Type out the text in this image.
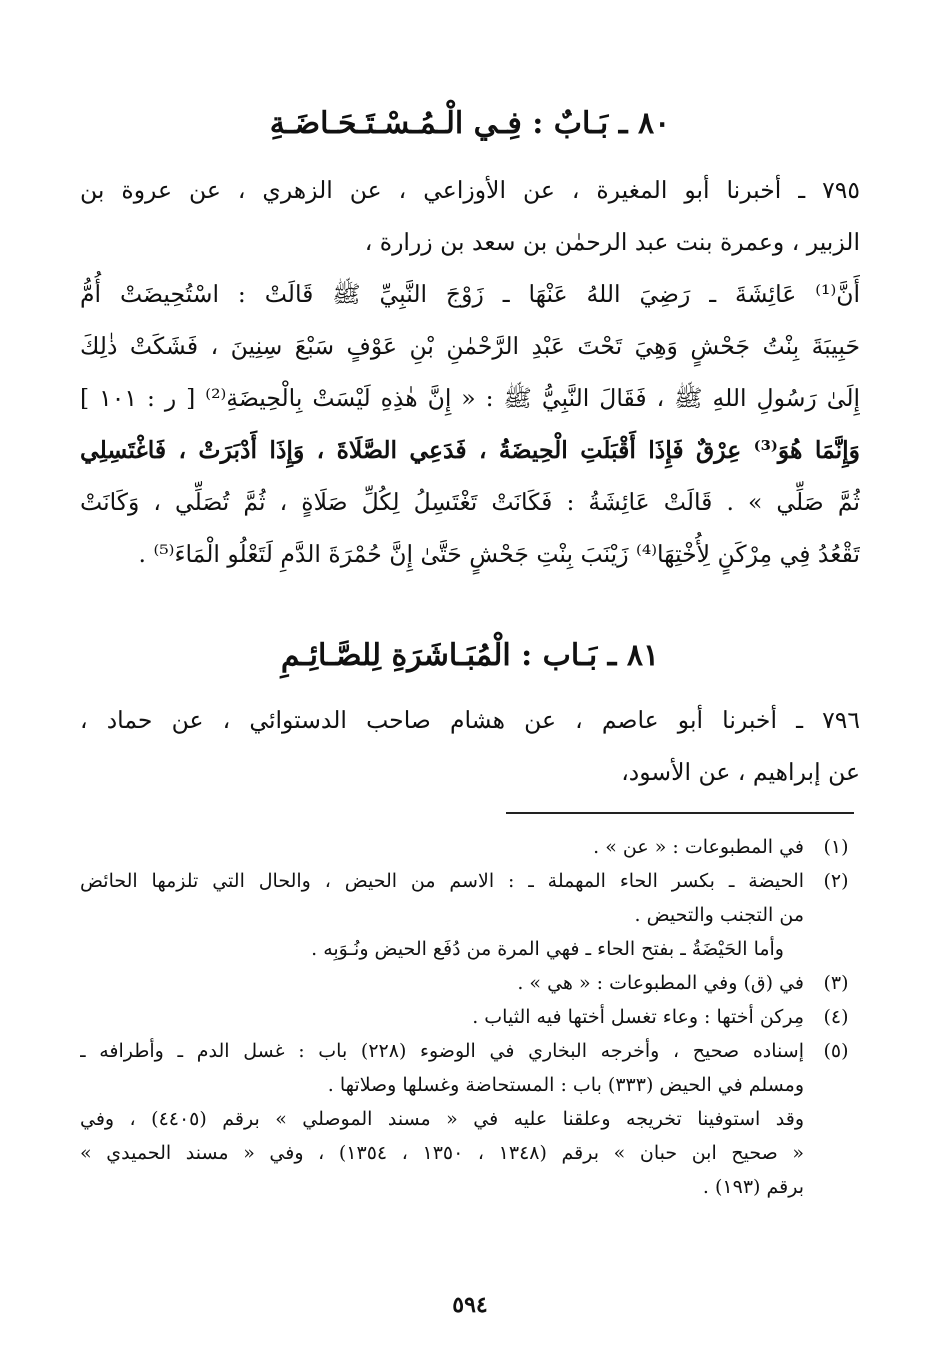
٨٠ ـ بَـابٌ : فِـي الْـمُـسْـتَـحَـاضَـةِ
٧٩٥ ـ أخبرنا أبو المغيرة ، عن الأوزاعي ، عن الزهري ، عن عروة بن
الزبير ، وعمرة بنت عبد الرحمٰن بن سعد بن زرارة ،
أَنَّ⁽¹⁾ عَائِشَةَ ـ رَضِيَ اللهُ عَنْهَا ـ زَوْجَ النَّبِيِّ ﷺ قَالَتْ : اسْتُحِيضَتْ أُمُّ
حَبِيبَةَ بِنْتُ جَحْشٍ وَهِيَ تَحْتَ عَبْدِ الرَّحْمٰنِ بْنِ عَوْفٍ سَبْعَ سِنِينَ ، فَشَكَتْ ذٰلِكَ
إِلَىٰ رَسُولِ اللهِ ﷺ ، فَقَالَ النَّبِيُّ ﷺ : « إِنَّ هٰذِهِ لَيْسَتْ بِالْحِيضَةِ⁽²⁾ [ ر : ١٠١ ]
وَإِنَّمَا هُوَ⁽³⁾ عِرْقٌ فَإِذَا أَقْبَلَتِ الْحِيضَةُ ، فَدَعِي الصَّلَاةَ ، وَإِذَا أَدْبَرَتْ ، فَاغْتَسِلِي
ثُمَّ صَلِّي » . قَالَتْ عَائِشَةُ : فَكَانَتْ تَغْتَسِلُ لِكُلِّ صَلَاةٍ ، ثُمَّ تُصَلِّي ، وَكَانَتْ
تَقْعُدُ فِي مِرْكَنٍ لِأُخْتِهَا⁽⁴⁾ زَيْنَبَ بِنْتِ جَحْشٍ حَتَّىٰ إِنَّ حُمْرَةَ الدَّمِ لَتَعْلُو الْمَاءَ⁽⁵⁾ .
٨١ ـ بَـاب : الْمُبَـاشَرَةِ لِلصَّـائِـمِ
٧٩٦ ـ أخبرنا أبو عاصم ، عن هشام صاحب الدستوائي ، عن حماد ،
عن إبراهيم ، عن الأسود،
(١)
في المطبوعات : « عن » .
(٢)
الحيضة ـ بكسر الحاء المهملة ـ : الاسم من الحيض ، والحال التي تلزمها الحائض
من التجنب والتحيض .
وأما الحَيْضَةُ ـ بفتح الحاء ـ فهي المرة من دُفَع الحيض ونُـوَبِه .
(٣)
في (ق) وفي المطبوعات : « هي » .
(٤)
مِركن أختها : وعاء تغسل أختها فيه الثياب .
(٥)
إسناده صحيح ، وأخرجه البخاري في الوضوء (٢٢٨) باب : غسل الدم ـ وأطرافه ـ
ومسلم في الحيض (٣٣٣) باب : المستحاضة وغسلها وصلاتها .
وقد استوفينا تخريجه وعلقنا عليه في « مسند الموصلي » برقم (٤٤٠٥) ، وفي
« صحيح ابن حبان » برقم (١٣٤٨ ، ١٣٥٠ ، ١٣٥٤) ، وفي « مسند الحميدي »
برقم (١٩٣) .
٥٩٤
